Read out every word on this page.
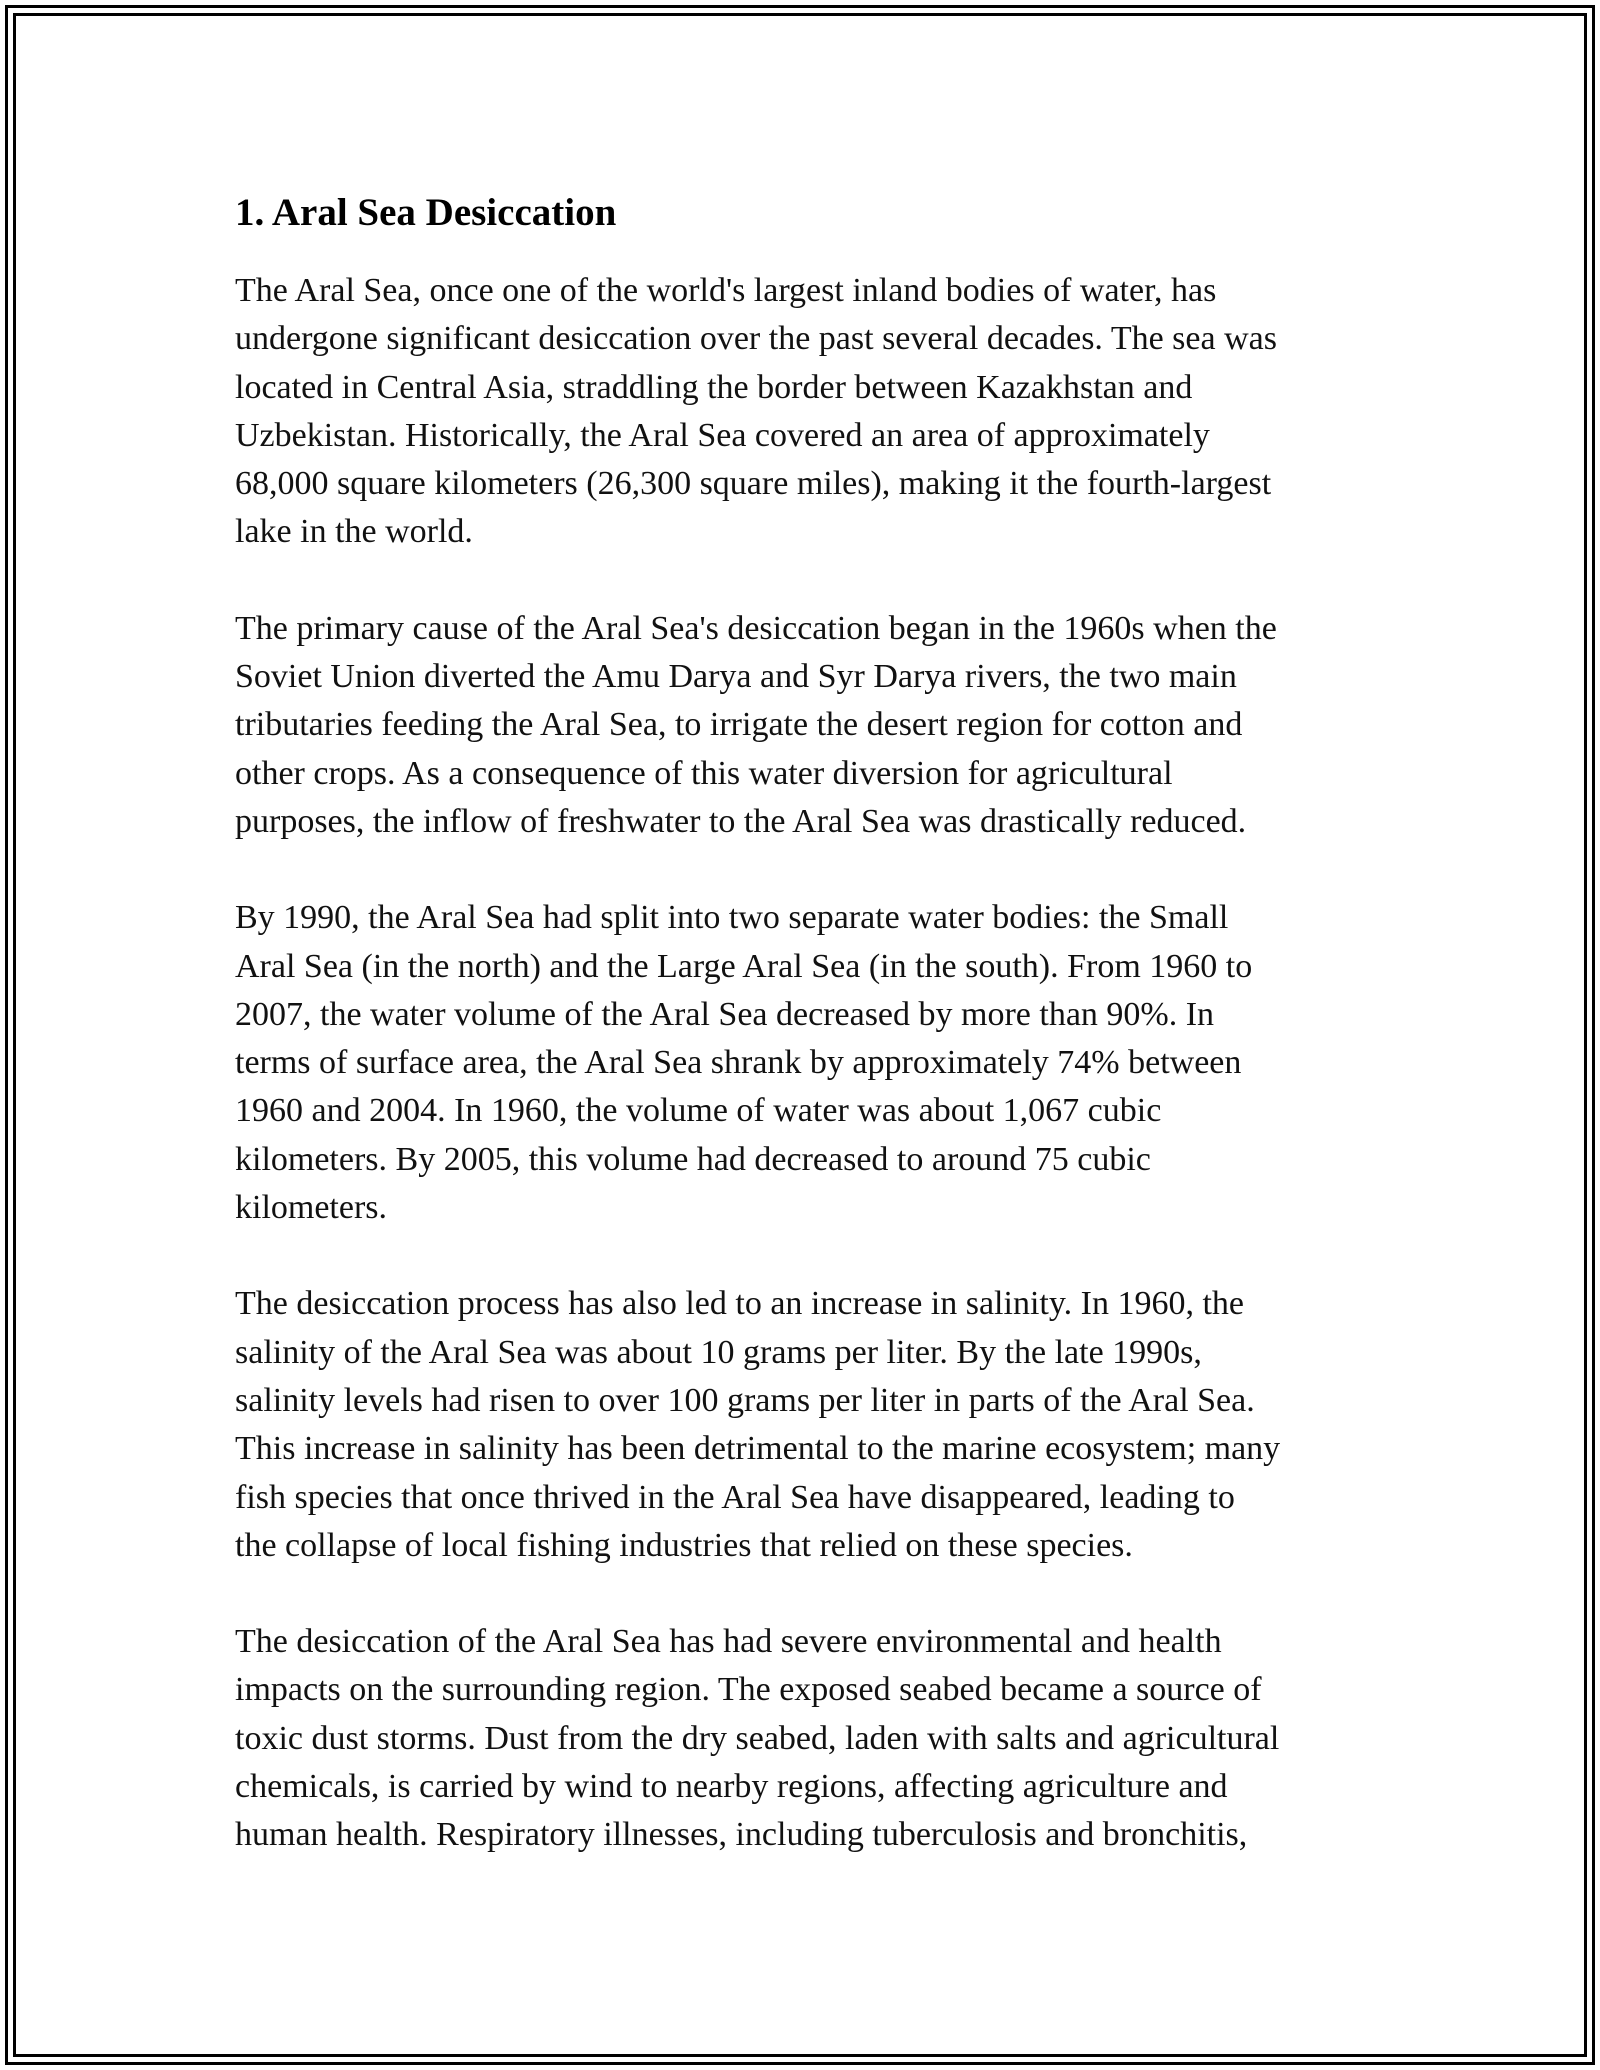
1. Aral Sea Desiccation

The Aral Sea, once one of the world's largest inland bodies of water, has
undergone significant desiccation over the past several decades. The sea was
located in Central Asia, straddling the border between Kazakhstan and
Uzbekistan. Historically, the Aral Sea covered an area of approximately
68,000 square kilometers (26,300 square miles), making it the fourth-largest
lake in the world.

The primary cause of the Aral Sea's desiccation began in the 1960s when the
Soviet Union diverted the Amu Darya and Syr Darya rivers, the two main
tributaries feeding the Aral Sea, to irrigate the desert region for cotton and
other crops. As a consequence of this water diversion for agricultural
purposes, the inflow of freshwater to the Aral Sea was drastically reduced.

By 1990, the Aral Sea had split into two separate water bodies: the Small
Aral Sea (in the north) and the Large Aral Sea (in the south). From 1960 to
2007, the water volume of the Aral Sea decreased by more than 90%. In
terms of surface area, the Aral Sea shrank by approximately 74% between
1960 and 2004. In 1960, the volume of water was about 1,067 cubic
kilometers. By 2005, this volume had decreased to around 75 cubic
kilometers.

The desiccation process has also led to an increase in salinity. In 1960, the
salinity of the Aral Sea was about 10 grams per liter. By the late 1990s,
salinity levels had risen to over 100 grams per liter in parts of the Aral Sea.
This increase in salinity has been detrimental to the marine ecosystem; many
fish species that once thrived in the Aral Sea have disappeared, leading to
the collapse of local fishing industries that relied on these species.

The desiccation of the Aral Sea has had severe environmental and health
impacts on the surrounding region. The exposed seabed became a source of
toxic dust storms. Dust from the dry seabed, laden with salts and agricultural
chemicals, is carried by wind to nearby regions, affecting agriculture and
human health. Respiratory illnesses, including tuberculosis and bronchitis,
